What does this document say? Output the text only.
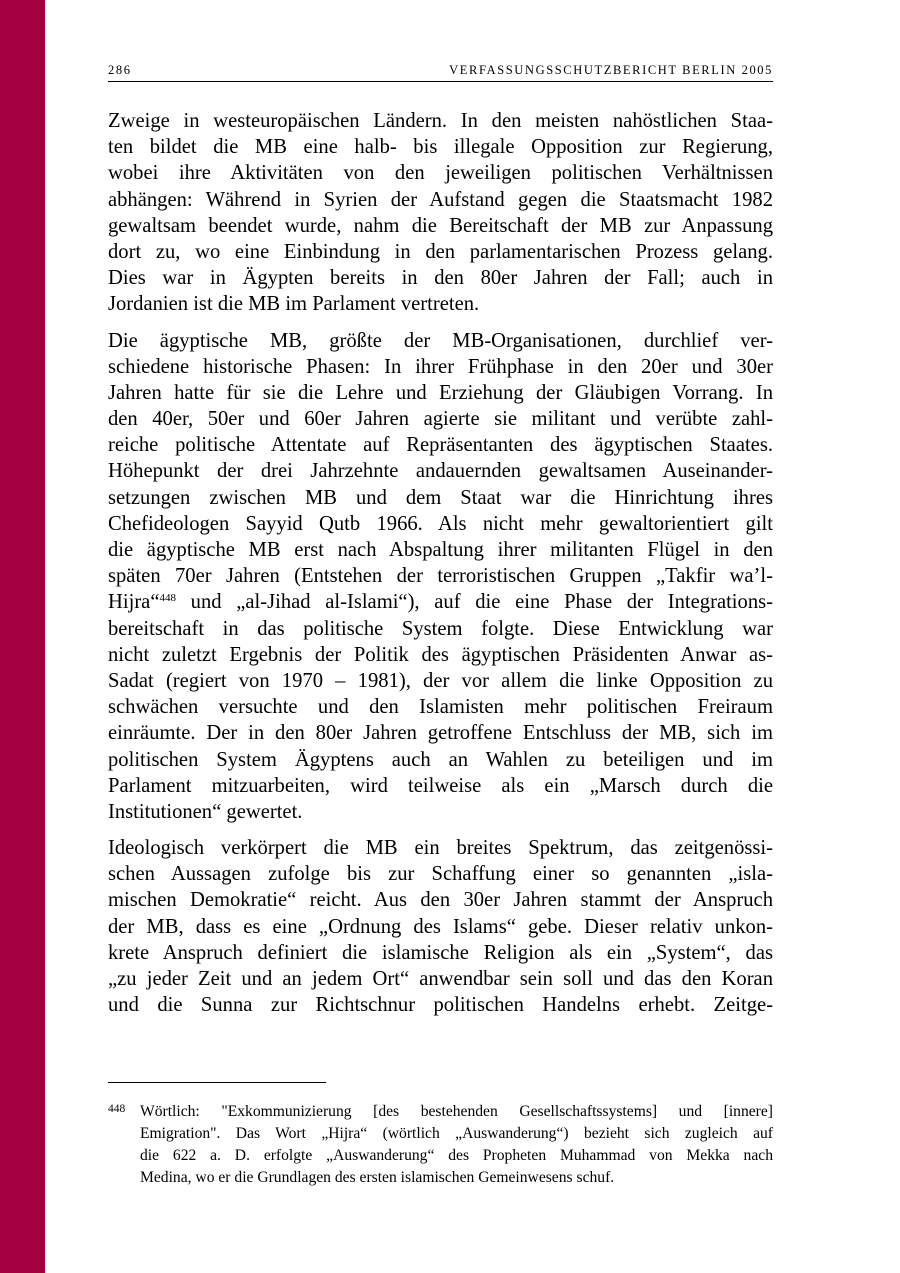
286	VERFASSUNGSSCHUTZBERICHT BERLIN 2005
Zweige in westeuropäischen Ländern. In den meisten nahöstlichen Staa-
ten bildet die MB eine halb- bis illegale Opposition zur Regierung,
wobei ihre Aktivitäten von den jeweiligen politischen Verhältnissen
abhängen: Während in Syrien der Aufstand gegen die Staatsmacht 1982
gewaltsam beendet wurde, nahm die Bereitschaft der MB zur Anpassung
dort zu, wo eine Einbindung in den parlamentarischen Prozess gelang.
Dies war in Ägypten bereits in den 80er Jahren der Fall; auch in
Jordanien ist die MB im Parlament vertreten.
Die ägyptische MB, größte der MB-Organisationen, durchlief ver-
schiedene historische Phasen: In ihrer Frühphase in den 20er und 30er
Jahren hatte für sie die Lehre und Erziehung der Gläubigen Vorrang. In
den 40er, 50er und 60er Jahren agierte sie militant und verübte zahl-
reiche politische Attentate auf Repräsentanten des ägyptischen Staates.
Höhepunkt der drei Jahrzehnte andauernden gewaltsamen Auseinander-
setzungen zwischen MB und dem Staat war die Hinrichtung ihres
Chefideologen Sayyid Qutb 1966. Als nicht mehr gewaltorientiert gilt
die ägyptische MB erst nach Abspaltung ihrer militanten Flügel in den
späten 70er Jahren (Entstehen der terroristischen Gruppen „Takfir wa’l-
Hijra“$^{448}$ und „al-Jihad al-Islami“), auf die eine Phase der Integrations-
bereitschaft in das politische System folgte. Diese Entwicklung war
nicht zuletzt Ergebnis der Politik des ägyptischen Präsidenten Anwar as-
Sadat (regiert von 1970 – 1981), der vor allem die linke Opposition zu
schwächen versuchte und den Islamisten mehr politischen Freiraum
einräumte. Der in den 80er Jahren getroffene Entschluss der MB, sich im
politischen System Ägyptens auch an Wahlen zu beteiligen und im
Parlament mitzuarbeiten, wird teilweise als ein „Marsch durch die
Institutionen“ gewertet.
Ideologisch verkörpert die MB ein breites Spektrum, das zeitgenössi-
schen Aussagen zufolge bis zur Schaffung einer so genannten „isla-
mischen Demokratie“ reicht. Aus den 30er Jahren stammt der Anspruch
der MB, dass es eine „Ordnung des Islams“ gebe. Dieser relativ unkon-
krete Anspruch definiert die islamische Religion als ein „System“, das
„zu jeder Zeit und an jedem Ort“ anwendbar sein soll und das den Koran
und die Sunna zur Richtschnur politischen Handelns erhebt. Zeitge-
448 Wörtlich: "Exkommunizierung [des bestehenden Gesellschaftssystems] und [innere]
Emigration". Das Wort „Hijra“ (wörtlich „Auswanderung“) bezieht sich zugleich auf
die 622 a. D. erfolgte „Auswanderung“ des Propheten Muhammad von Mekka nach
Medina, wo er die Grundlagen des ersten islamischen Gemeinwesens schuf.
